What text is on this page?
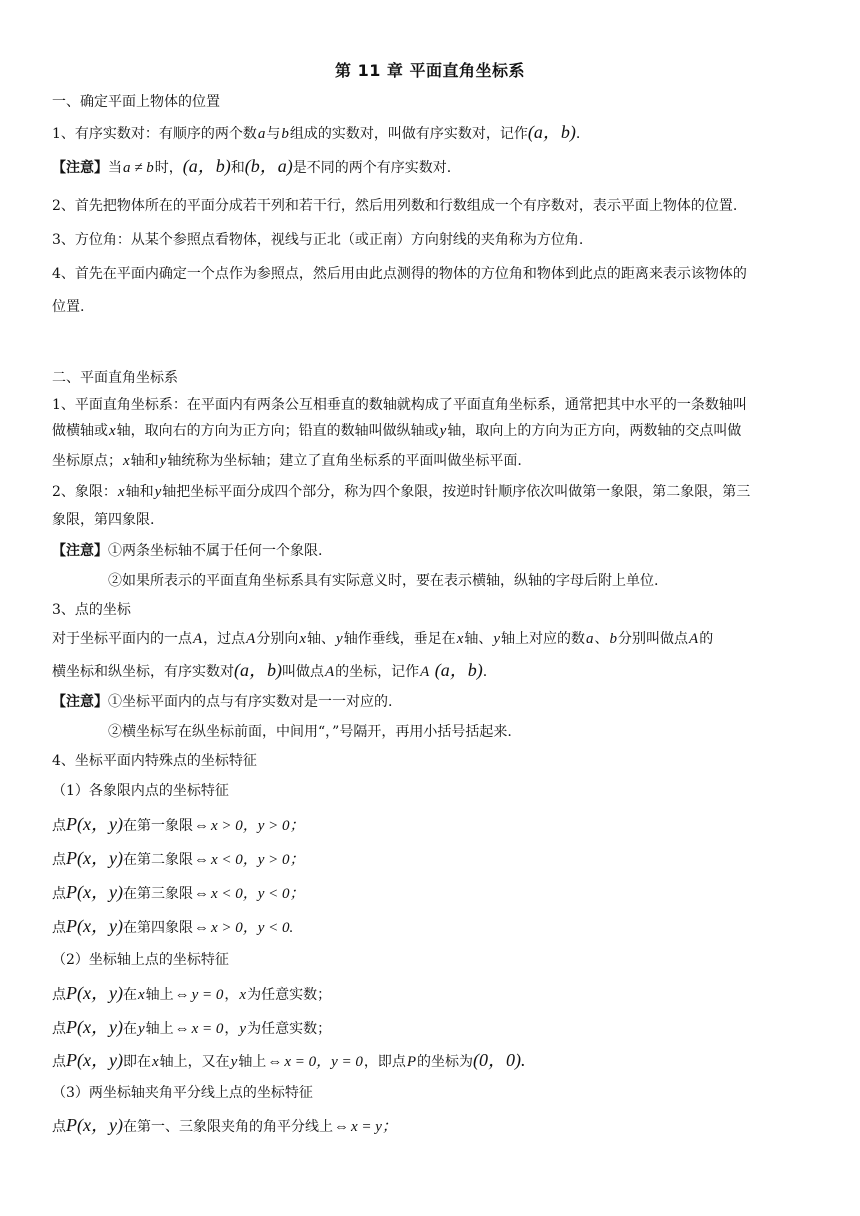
第 11 章 平面直角坐标系
一、确定平面上物体的位置
1、有序实数对：有顺序的两个数a与b组成的实数对，叫做有序实数对，记作(a，b).
【注意】当a ≠ b时，(a，b)和(b，a)是不同的两个有序实数对.
2、首先把物体所在的平面分成若干列和若干行，然后用列数和行数组成一个有序数对，表示平面上物体的位置.
3、方位角：从某个参照点看物体，视线与正北（或正南）方向射线的夹角称为方位角.
4、首先在平面内确定一个点作为参照点，然后用由此点测得的物体的方位角和物体到此点的距离来表示该物体的
位置.
二、平面直角坐标系
1、平面直角坐标系：在平面内有两条公互相垂直的数轴就构成了平面直角坐标系，通常把其中水平的一条数轴叫
做横轴或x轴，取向右的方向为正方向；铅直的数轴叫做纵轴或y轴，取向上的方向为正方向，两数轴的交点叫做
坐标原点；x轴和y轴统称为坐标轴；建立了直角坐标系的平面叫做坐标平面.
2、象限：x轴和y轴把坐标平面分成四个部分，称为四个象限，按逆时针顺序依次叫做第一象限，第二象限，第三
象限，第四象限.
【注意】①两条坐标轴不属于任何一个象限.
②如果所表示的平面直角坐标系具有实际意义时，要在表示横轴，纵轴的字母后附上单位.
3、点的坐标
对于坐标平面内的一点A，过点A分别向x轴、y轴作垂线，垂足在x轴、y轴上对应的数a、b分别叫做点A的
横坐标和纵坐标，有序实数对(a，b)叫做点A的坐标，记作A (a，b).
【注意】①坐标平面内的点与有序实数对是一一对应的.
②横坐标写在纵坐标前面，中间用“，”号隔开，再用小括号括起来.
4、坐标平面内特殊点的坐标特征
（1）各象限内点的坐标特征
点P(x，y)在第一象限⇔ x > 0，y > 0；
点P(x，y)在第二象限⇔ x < 0，y > 0；
点P(x，y)在第三象限⇔ x < 0，y < 0；
点P(x，y)在第四象限⇔ x > 0，y < 0.
（2）坐标轴上点的坐标特征
点P(x，y)在x轴上⇔ y = 0，x为任意实数；
点P(x，y)在y轴上⇔ x = 0，y为任意实数；
点P(x，y)即在x轴上，又在y轴上⇔ x = 0，y = 0，即点P的坐标为(0，0).
（3）两坐标轴夹角平分线上点的坐标特征
点P(x，y)在第一、三象限夹角的角平分线上⇔ x = y；
